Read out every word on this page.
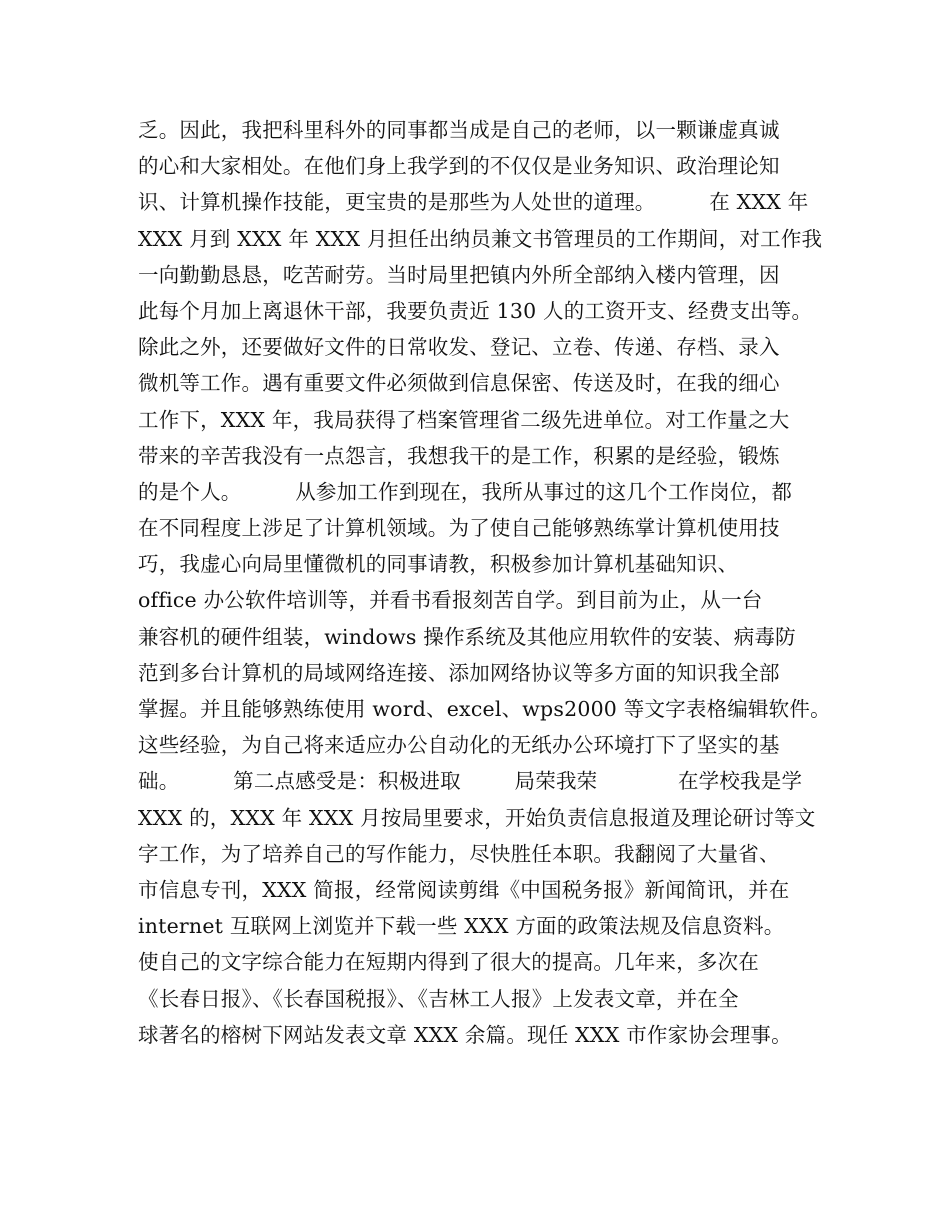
乏。因此，我把科里科外的同事都当成是自己的老师，以一颗谦虚真诚
的心和大家相处。在他们身上我学到的不仅仅是业务知识、政治理论知
识、计算机操作技能，更宝贵的是那些为人处世的道理。        在 XXX 年
XXX 月到 XXX 年 XXX 月担任出纳员兼文书管理员的工作期间，对工作我
一向勤勤恳恳，吃苦耐劳。当时局里把镇内外所全部纳入楼内管理，因
此每个月加上离退休干部，我要负责近 130 人的工资开支、经费支出等。
除此之外，还要做好文件的日常收发、登记、立卷、传递、存档、录入
微机等工作。遇有重要文件必须做到信息保密、传送及时，在我的细心
工作下，XXX 年，我局获得了档案管理省二级先进单位。对工作量之大
带来的辛苦我没有一点怨言，我想我干的是工作，积累的是经验，锻炼
的是个人。        从参加工作到现在，我所从事过的这几个工作岗位，都
在不同程度上涉足了计算机领域。为了使自己能够熟练掌计算机使用技
巧，我虚心向局里懂微机的同事请教，积极参加计算机基础知识、
office 办公软件培训等，并看书看报刻苦自学。到目前为止，从一台
兼容机的硬件组装，windows 操作系统及其他应用软件的安装、病毒防
范到多台计算机的局域网络连接、添加网络协议等多方面的知识我全部
掌握。并且能够熟练使用 word、excel、wps2000 等文字表格编辑软件。
这些经验，为自己将来适应办公自动化的无纸办公环境打下了坚实的基
础。        第二点感受是：积极进取        局荣我荣            在学校我是学
XXX 的，XXX 年 XXX 月按局里要求，开始负责信息报道及理论研讨等文
字工作，为了培养自己的写作能力，尽快胜任本职。我翻阅了大量省、
市信息专刊，XXX 简报，经常阅读剪缉《中国税务报》新闻简讯，并在
internet 互联网上浏览并下载一些 XXX 方面的政策法规及信息资料。
使自己的文字综合能力在短期内得到了很大的提高。几年来，多次在
《长春日报》、《长春国税报》、《吉林工人报》上发表文章，并在全
球著名的榕树下网站发表文章 XXX 余篇。现任 XXX 市作家协会理事。
